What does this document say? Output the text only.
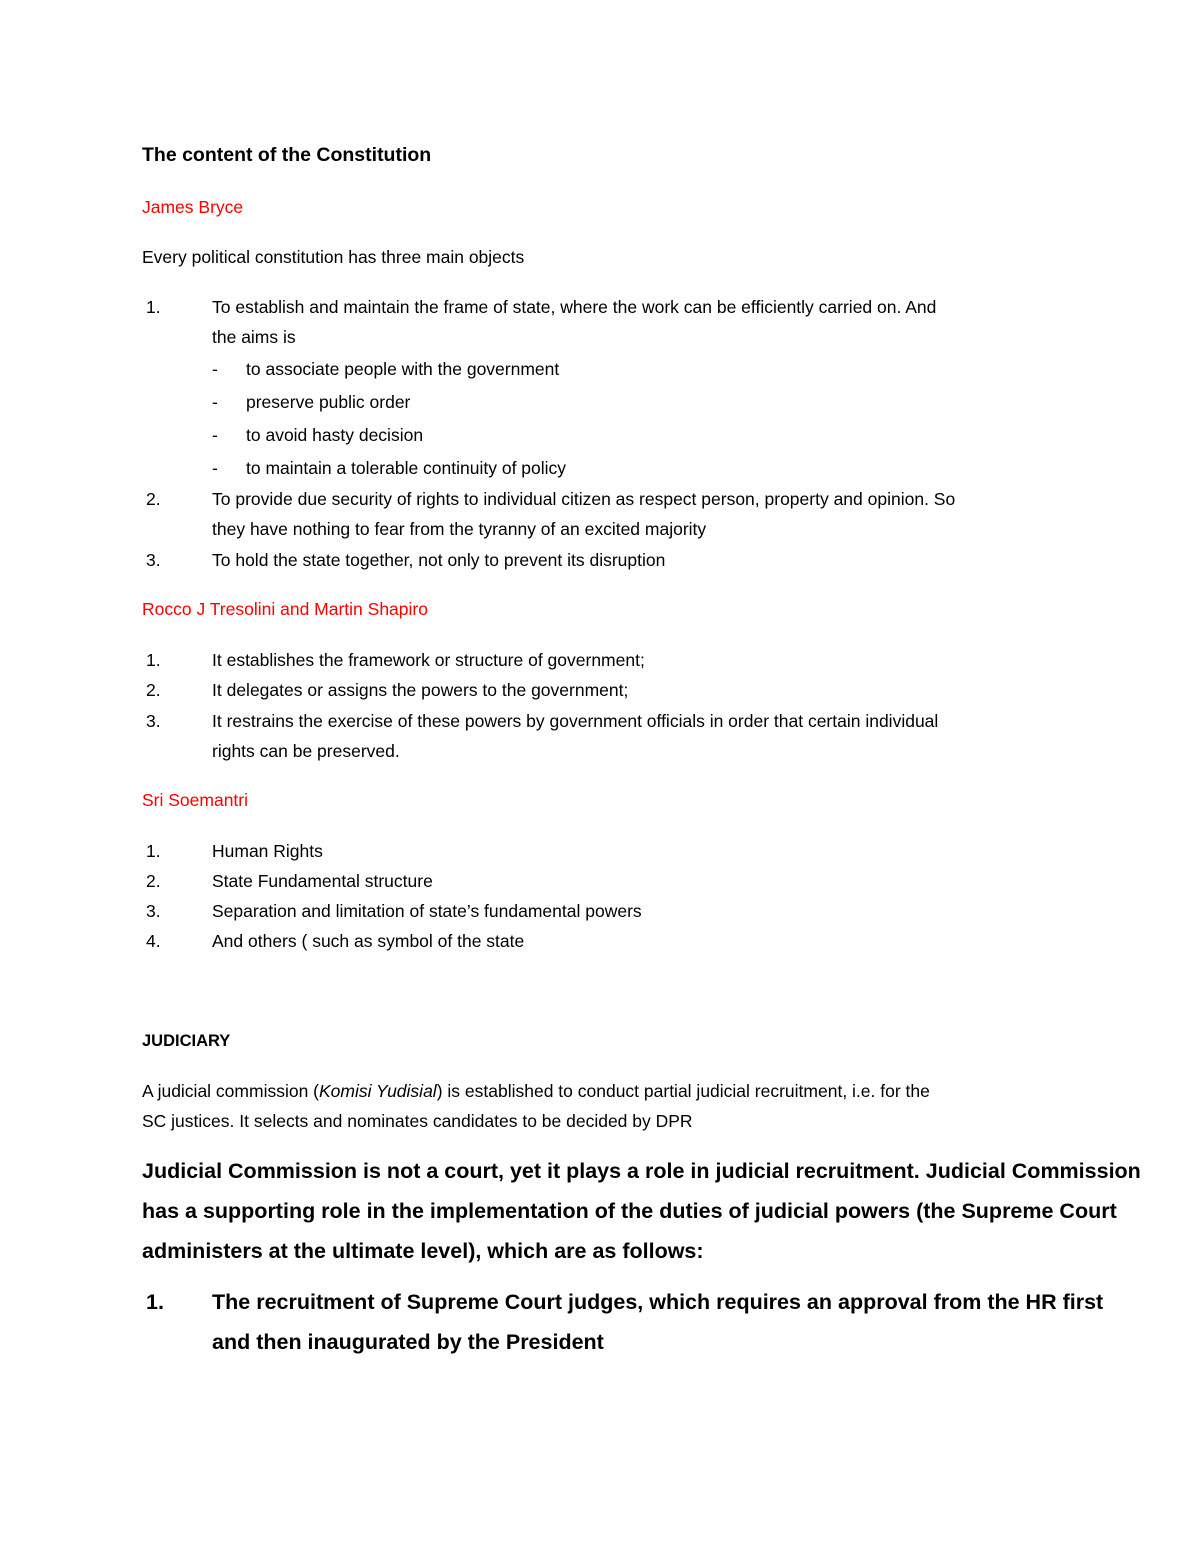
The content of the Constitution

James Bryce

Every political constitution has three main objects

1.	To establish and maintain the frame of state, where the work can be efficiently carried on. And
the aims is
- to associate people with the government
- preserve public order
- to avoid hasty decision
- to maintain a tolerable continuity of policy
2.	To provide due security of rights to individual citizen as respect person, property and opinion. So
they have nothing to fear from the tyranny of an excited majority
3.	To hold the state together, not only to prevent its disruption

Rocco J Tresolini and Martin Shapiro

1.	It establishes the framework or structure of government;
2.	It delegates or assigns the powers to the government;
3.	It restrains the exercise of these powers by government officials in order that certain individual
rights can be preserved.

Sri Soemantri

1.	Human Rights
2.	State Fundamental structure
3.	Separation and limitation of state’s fundamental powers
4.	And others ( such as symbol of the state
JUDICIARY

A judicial commission (Komisi Yudisial) is established to conduct partial judicial recruitment, i.e. for the
SC justices. It selects and nominates candidates to be decided by DPR

Judicial Commission is not a court, yet it plays a role in judicial recruitment. Judicial Commission
has a supporting role in the implementation of the duties of judicial powers (the Supreme Court
administers at the ultimate level), which are as follows:

1. The recruitment of Supreme Court judges, which requires an approval from the HR first
and then inaugurated by the President
